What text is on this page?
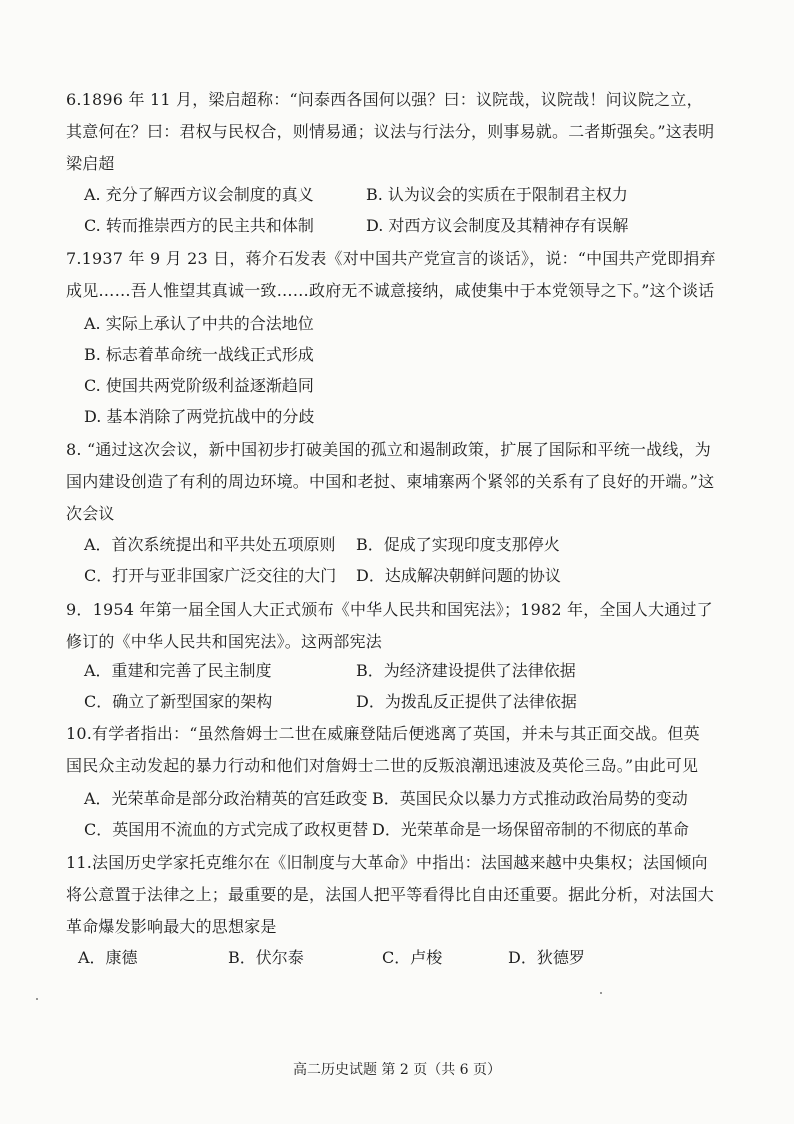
6.1896 年 11 月，梁启超称：“问泰西各国何以强？曰：议院哉，议院哉！问议院之立，其意何在？曰：君权与民权合，则情易通；议法与行法分，则事易就。二者斯强矣。”这表明梁启超
A. 充分了解西方议会制度的真义	B. 认为议会的实质在于限制君主权力
C. 转而推崇西方的民主共和体制	D. 对西方议会制度及其精神存有误解
7.1937 年 9 月 23 日，蒋介石发表《对中国共产党宣言的谈话》，说：“中国共产党即捐弃成见……吾人惟望其真诚一致……政府无不诚意接纳，咸使集中于本党领导之下。”这个谈话
A. 实际上承认了中共的合法地位
B. 标志着革命统一战线正式形成
C. 使国共两党阶级利益逐渐趋同
D. 基本消除了两党抗战中的分歧
8. “通过这次会议，新中国初步打破美国的孤立和遏制政策，扩展了国际和平统一战线，为国内建设创造了有利的周边环境。中国和老挝、柬埔寨两个紧邻的关系有了良好的开端。”这次会议
A．首次系统提出和平共处五项原则 B．促成了实现印度支那停火
C．打开与亚非国家广泛交往的大门 D．达成解决朝鲜问题的协议
9．1954 年第一届全国人大正式颁布《中华人民共和国宪法》；1982 年，全国人大通过了修订的《中华人民共和国宪法》。这两部宪法
A．重建和完善了民主制度	B．为经济建设提供了法律依据
C．确立了新型国家的架构	D．为拨乱反正提供了法律依据
10.有学者指出：“虽然詹姆士二世在威廉登陆后便逃离了英国，并未与其正面交战。但英国民众主动发起的暴力行动和他们对詹姆士二世的反叛浪潮迅速波及英伦三岛。”由此可见
A．光荣革命是部分政治精英的宫廷政变 B．英国民众以暴力方式推动政治局势的变动
C．英国用不流血的方式完成了政权更替 D．光荣革命是一场保留帝制的不彻底的革命
11.法国历史学家托克维尔在《旧制度与大革命》中指出：法国越来越中央集权；法国倾向将公意置于法律之上；最重要的是，法国人把平等看得比自由还重要。据此分析，对法国大革命爆发影响最大的思想家是
A．康德	B．伏尔泰	C．卢梭	D．狄德罗
高二历史试题 第 2 页（共 6 页）
